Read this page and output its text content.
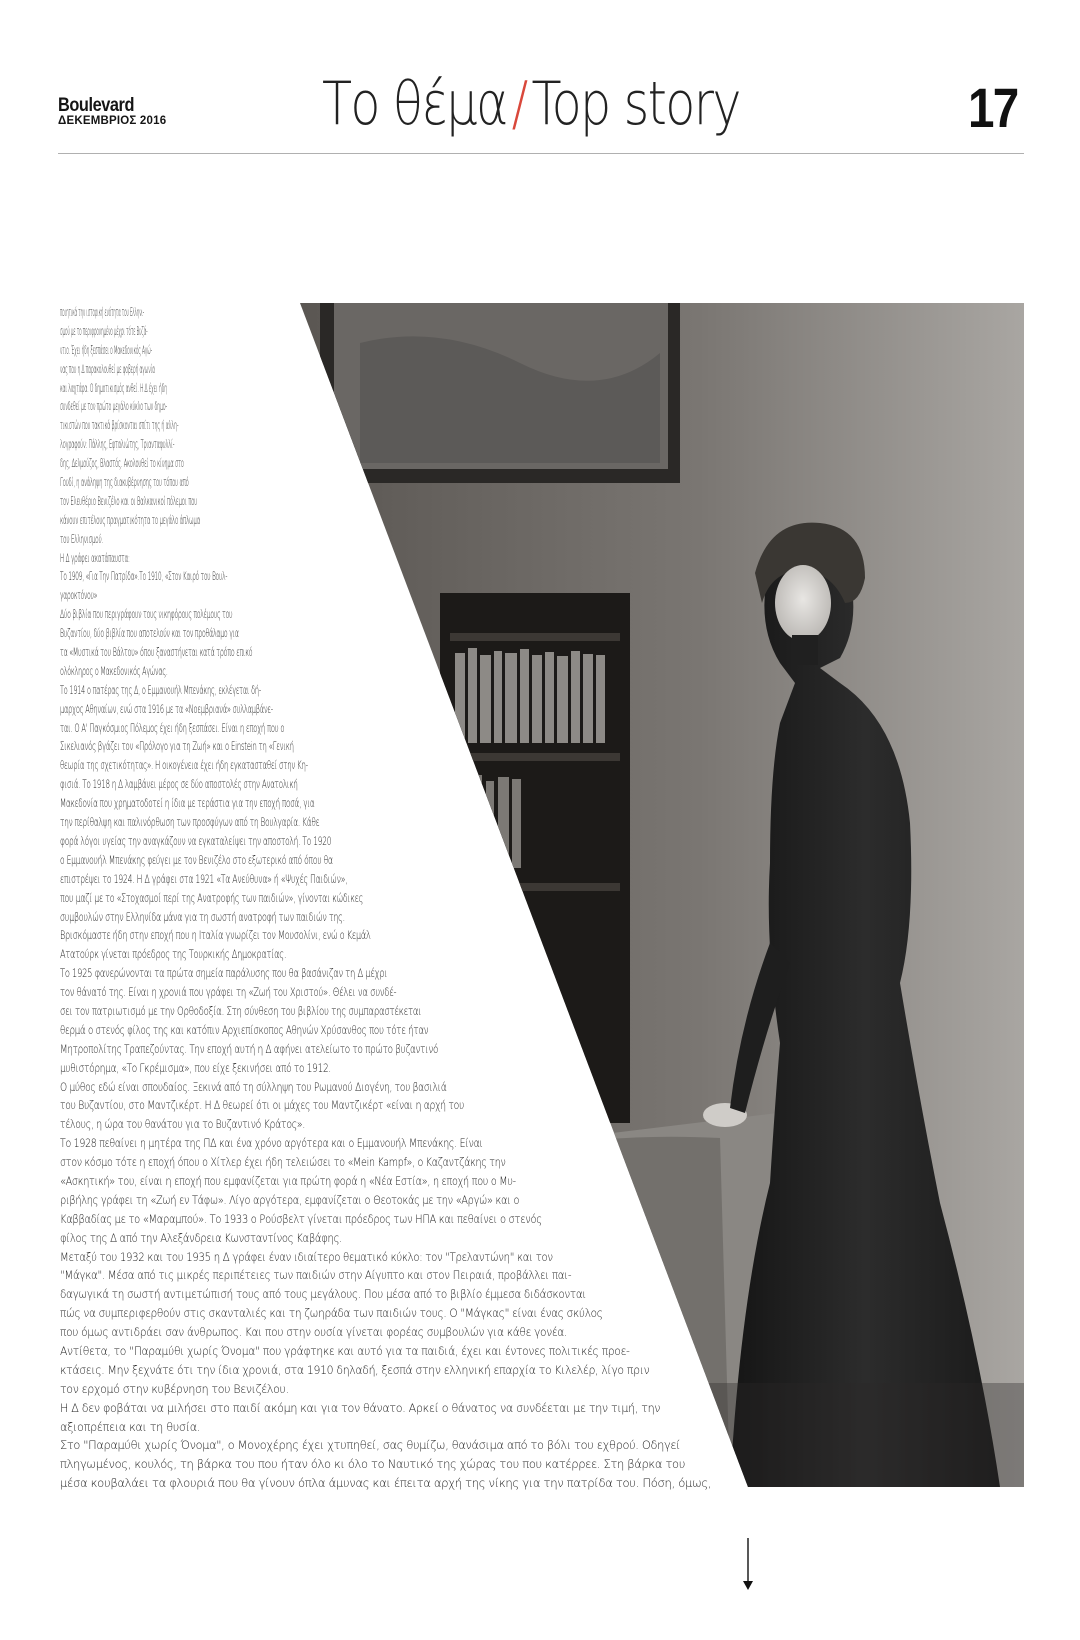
Boulevard
ΔΕΚΕΜΒΡΙΟΣ 2016	Το θέμα/Top story	17
ποιητικά την ιστορική ενότητα του Ελληνι-
σμού με το περιφρονημένο μέχρι τότε Βυζά-
ντιο. Έχει ήδη ξεσπάσει ο Μακεδονικός Αγώ-
νας που η Δ παρακολουθεί με φοβερή αγωνία
και λαχτάρα. Ο δημοτικισμός ανθεί. Η Δ έχει ήδη
συνδεθεί με τον πρώτο μεγάλο κύκλο των δημο-
τικιστών που τακτικά βρίσκονται σπίτι της ή αλλη-
λογραφούν: Πάλλης, Εφταλιώτης, Τριανταφυλλί-
δης, Δελμούζος, Βλαστός. Ακολουθεί το κίνημα στο
Γουδί, η ανάληψη της διακυβέρνησης του τόπου από
τον Ελευθέριο Βενιζέλο και οι Βαλκανικοί πόλεμοι που
κάνουν επιτέλους πραγματικότητα το μεγάλο άπλωμα
του Ελληνισμού.
Η Δ γράφει ακατάπαυστα:
Το 1909, «Για Την Πατρίδα».Το 1910, «Στον Καιρό του Βουλ-
γαροκτόνου»
Δύο βιβλία που περιγράφουν τους νικηφόρους πολέμους του
Βυζαντίου, δύο βιβλία που αποτελούν και τον προθάλαμο για
τα «Μυστικά του Βάλτου» όπου ξαναστήνεται κατά τρόπο επικό
ολόκληρος ο Μακεδονικός Αγώνας.
Το 1914 ο πατέρας της Δ, ο Εμμανουήλ Μπενάκης, εκλέγεται δή-
μαρχος Αθηναίων, ενώ στα 1916 με τα «Νοεμβριανά» συλλαμβάνε-
ται. Ο Α' Παγκόσμιος Πόλεμος έχει ήδη ξεσπάσει. Είναι η εποχή που ο
Σικελιανός βγάζει τον «Πρόλογο για τη Ζωή» και ο Einstein τη «Γενική
θεωρία της σχετικότητας». Η οικογένεια έχει ήδη εγκατασταθεί στην Κη-
φισιά. Το 1918 η Δ λαμβάνει μέρος σε δύο αποστολές στην Ανατολική
Μακεδονία που χρηματοδοτεί η ίδια με τεράστια για την εποχή ποσά, για
την περίθαλψη και παλινόρθωση των προσφύγων από τη Βουλγαρία. Κάθε
φορά λόγοι υγείας την αναγκάζουν να εγκαταλείψει την αποστολή. Το 1920
ο Εμμανουήλ Μπενάκης φεύγει με τον Βενιζέλο στο εξωτερικό από όπου θα
επιστρέψει το 1924. Η Δ γράφει στα 1921 «Τα Ανεύθυνα» ή «Ψυχές Παιδιών»,
που μαζί με το «Στοχασμοί περί της Ανατροφής των παιδιών», γίνονται κώδικες
συμβουλών στην Ελληνίδα μάνα για τη σωστή ανατροφή των παιδιών της.
Βρισκόμαστε ήδη στην εποχή που η Ιταλία γνωρίζει τον Μουσολίνι, ενώ ο Κεμάλ
Ατατούρκ γίνεται πρόεδρος της Τουρκικής Δημοκρατίας.
Το 1925 φανερώνονται τα πρώτα σημεία παράλυσης που θα βασάνιζαν τη Δ μέχρι
τον θάνατό της. Είναι η χρονιά που γράφει τη «Ζωή του Χριστού». Θέλει να συνδέ-
σει τον πατριωτισμό με την Ορθοδοξία. Στη σύνθεση του βιβλίου της συμπαραστέκεται
θερμά ο στενός φίλος της και κατόπιν Αρχιεπίσκοπος Αθηνών Χρύσανθος που τότε ήταν
Μητροπολίτης Τραπεζούντας. Την εποχή αυτή η Δ αφήνει ατελείωτο το πρώτο βυζαντινό
μυθιστόρημα, «Το Γκρέμισμα», που είχε ξεκινήσει από το 1912.
Ο μύθος εδώ είναι σπουδαίος. Ξεκινά από τη σύλληψη του Ρωμανού Διογένη, του βασιλιά
του Βυζαντίου, στο Μαντζικέρτ. Η Δ θεωρεί ότι οι μάχες του Μαντζικέρτ «είναι η αρχή του
τέλους, η ώρα του θανάτου για το Βυζαντινό Κράτος».
Το 1928 πεθαίνει η μητέρα της ΠΔ και ένα χρόνο αργότερα και ο Εμμανουήλ Μπενάκης. Είναι
στον κόσμο τότε η εποχή όπου ο Χίτλερ έχει ήδη τελειώσει το «Mein Kampf», ο Καζαντζάκης την
«Ασκητική» του, είναι η εποχή που εμφανίζεται για πρώτη φορά η «Νέα Εστία», η εποχή που ο Μυ-
ριβήλης γράφει τη «Ζωή εν Τάφω». Λίγο αργότερα, εμφανίζεται ο Θεοτοκάς με την «Αργώ» και ο
Καββαδίας με το «Μαραμπού». Το 1933 ο Ρούσβελτ γίνεται πρόεδρος των ΗΠΑ και πεθαίνει ο στενός
φίλος της Δ από την Αλεξάνδρεια Κωνσταντίνος Καβάφης.
Μεταξύ του 1932 και του 1935 η Δ γράφει έναν ιδιαίτερο θεματικό κύκλο: τον "Τρελαντώνη" και τον
"Μάγκα". Μέσα από τις μικρές περιπέτειες των παιδιών στην Αίγυπτο και στον Πειραιά, προβάλλει παι-
δαγωγικά τη σωστή αντιμετώπισή τους από τους μεγάλους. Που μέσα από το βιβλίο έμμεσα διδάσκονται
πώς να συμπεριφερθούν στις σκανταλιές και τη ζωηράδα των παιδιών τους. Ο "Μάγκας" είναι ένας σκύλος
που όμως αντιδράει σαν άνθρωπος. Και που στην ουσία γίνεται φορέας συμβουλών για κάθε γονέα.
Αντίθετα, το "Παραμύθι χωρίς Όνομα" που γράφτηκε και αυτό για τα παιδιά, έχει και έντονες πολιτικές προε-
κτάσεις. Μην ξεχνάτε ότι την ίδια χρονιά, στα 1910 δηλαδή, ξεσπά στην ελληνική επαρχία το Κιλελέρ, λίγο πριν
τον ερχομό στην κυβέρνηση του Βενιζέλου.
Η Δ δεν φοβάται να μιλήσει στο παιδί ακόμη και για τον θάνατο. Αρκεί ο θάνατος να συνδέεται με την τιμή, την
αξιοπρέπεια και τη θυσία.
Στο "Παραμύθι χωρίς Όνομα", ο Μονοχέρης έχει χτυπηθεί, σας θυμίζω, θανάσιμα από το βόλι του εχθρού. Οδηγεί
πληγωμένος, κουλός, τη βάρκα του που ήταν όλο κι όλο το Ναυτικό της χώρας του που κατέρρεε. Στη βάρκα του
μέσα κουβαλάει τα φλουριά που θα γίνουν όπλα άμυνας και έπειτα αρχή της νίκης για την πατρίδα του. Πόση, όμως,
